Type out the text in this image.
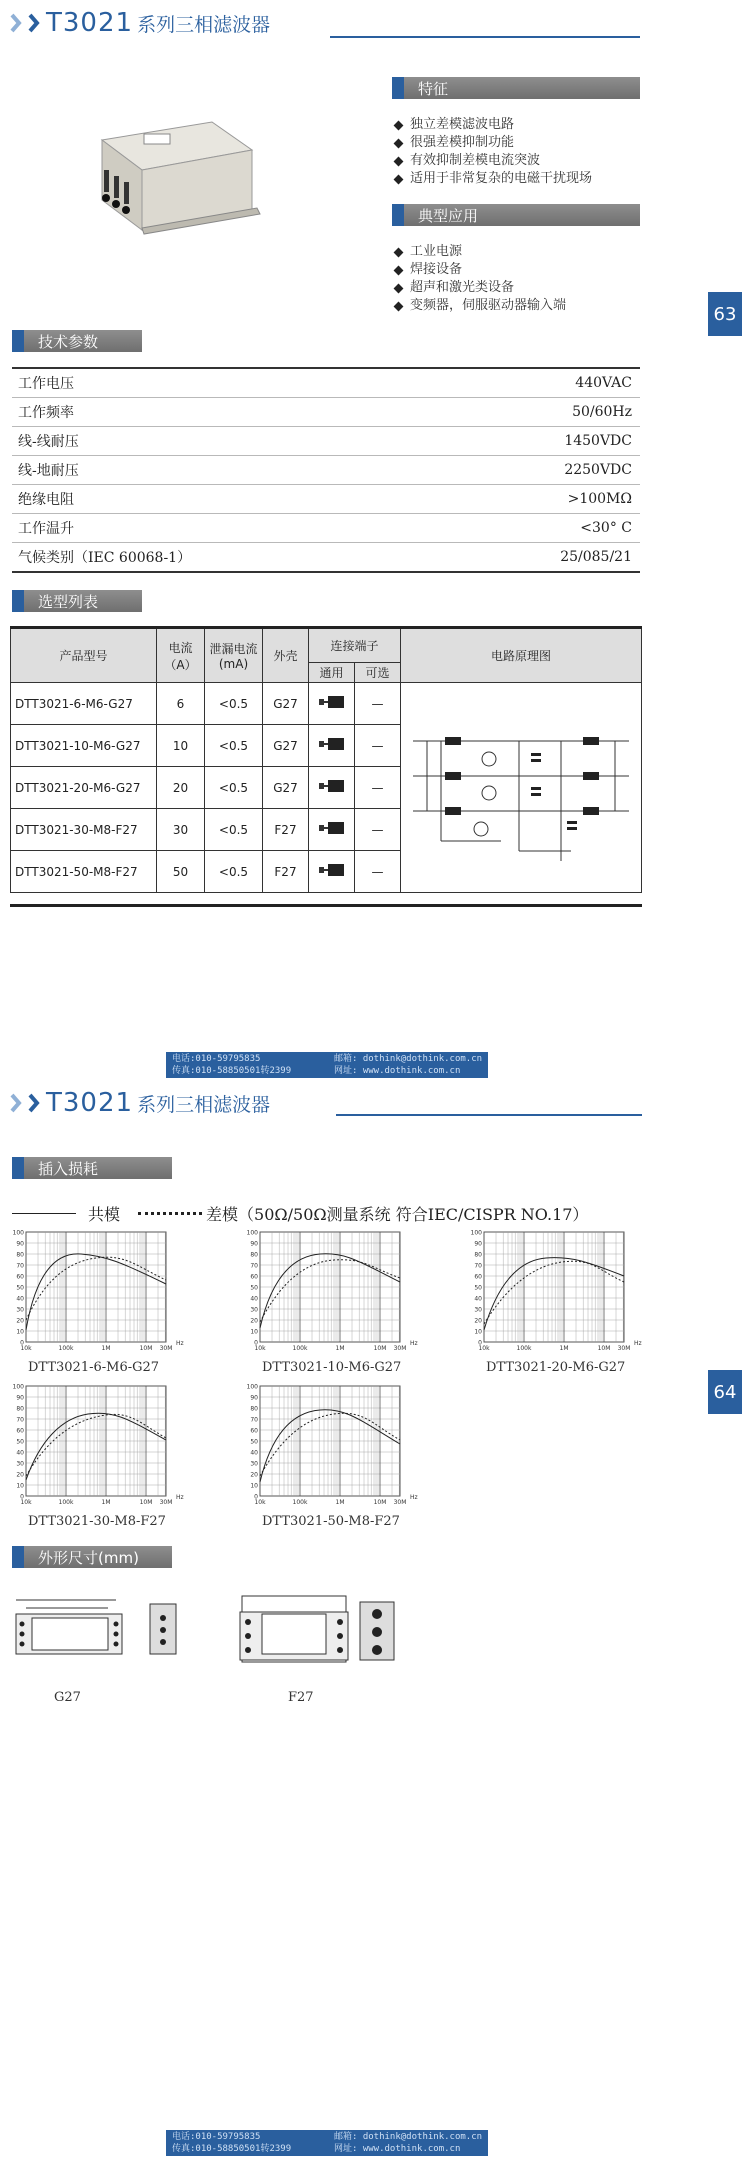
T3021 系列三相滤波器
特征
独立差模滤波电路
很强差模抑制功能
有效抑制差模电流突波
适用于非常复杂的电磁干扰现场
典型应用
工业电源
焊接设备
超声和激光类设备
变频器，伺服驱动器输入端	63
技术参数
工作电压	440VAC
工作频率	50/60Hz
线-线耐压	1450VDC
线-地耐压	2250VDC
绝缘电阻	>100MΩ
工作温升	<30° C
气候类别（IEC 60068-1）	25/085/21
选型列表
产品型号	电流（A）	泄漏电流(mA)	外壳	连接端子		电路原理图
				通用	可选	
DTT3021-6-M6-G27	6	<0.5	G27		—	
DTT3021-10-M6-G27	10	<0.5	G27		—	
DTT3021-20-M6-G27	20	<0.5	G27		—	
DTT3021-30-M8-F27	30	<0.5	F27		—	
DTT3021-50-M8-F27	50	<0.5	F27		—	
电话:010-59795835
传真:010-58850501转2399
邮箱: dothink@dothink.com.cn
网址: www.dothink.com.cn
T3021 系列三相滤波器
插入损耗
共模	差模（50Ω/50Ω测量系统 符合IEC/CISPR NO.17）
100
90
80
70
60
50
40
30
20
10
0
10k	100k	1M	10M 30M
Hz
DTT3021-6-M6-G27
100
90
80
70
60
50
40
30
20
10
0
10k	100k	1M	10M 30M
Hz
DTT3021-10-M6-G27
100
90
80
70
60
50
40
30
20
10
0
10k	100k	1M	10M 30M
Hz
DTT3021-20-M6-G27
100
90
80
70
60
50
40
30
20
10
0
10k	100k	1M	10M 30M
Hz
DTT3021-30-M8-F27
100
90
80
70
60
50
40
30
20
10
0
10k	100k	1M	10M 30M
Hz
DTT3021-50-M8-F27
64
外形尺寸(mm)
G27	F27
电话:010-59795835
传真:010-58850501转2399
邮箱: dothink@dothink.com.cn
网址: www.dothink.com.cn
